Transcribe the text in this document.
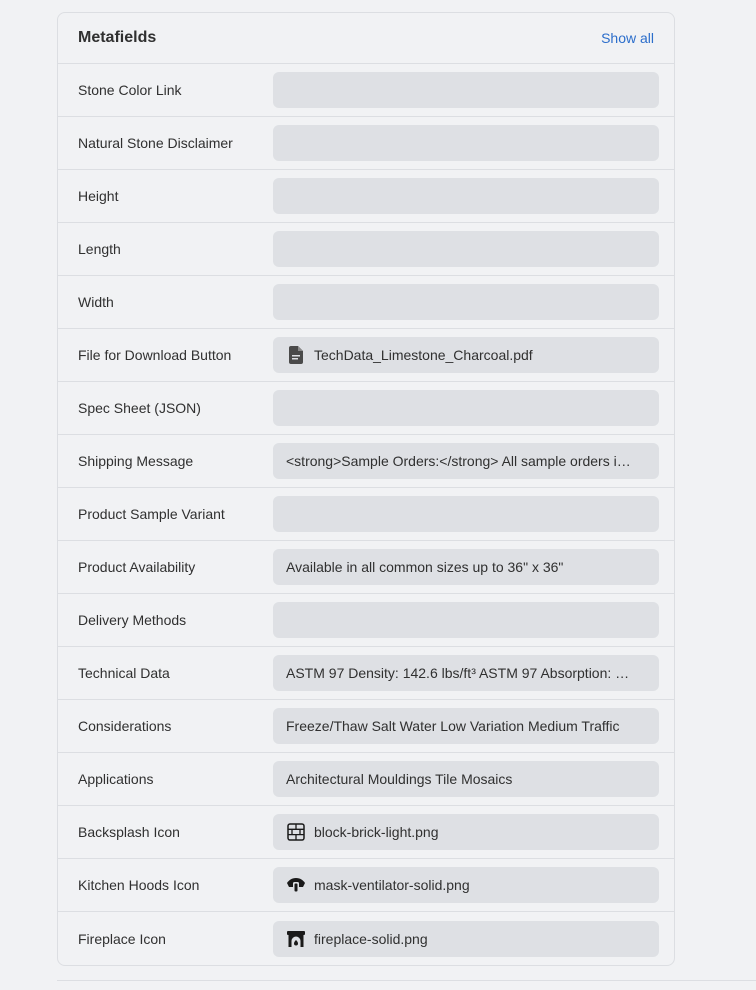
Metafields	Show all
Stone Color Link
Natural Stone Disclaimer
Height
Length
Width
File for Download Button	TechData_Limestone_Charcoal.pdf
Spec Sheet (JSON)
Shipping Message	<strong>Sample Orders:</strong> All sample orders i…
Product Sample Variant
Product Availability	Available in all common sizes up to 36" x 36"
Delivery Methods
Technical Data	ASTM 97 Density: 142.6 lbs/ft³ ASTM 97 Absorption: …
Considerations	Freeze/Thaw Salt Water Low Variation Medium Traffic
Applications	Architectural Mouldings Tile Mosaics
Backsplash Icon	block-brick-light.png
Kitchen Hoods Icon	mask-ventilator-solid.png
Fireplace Icon	fireplace-solid.png
